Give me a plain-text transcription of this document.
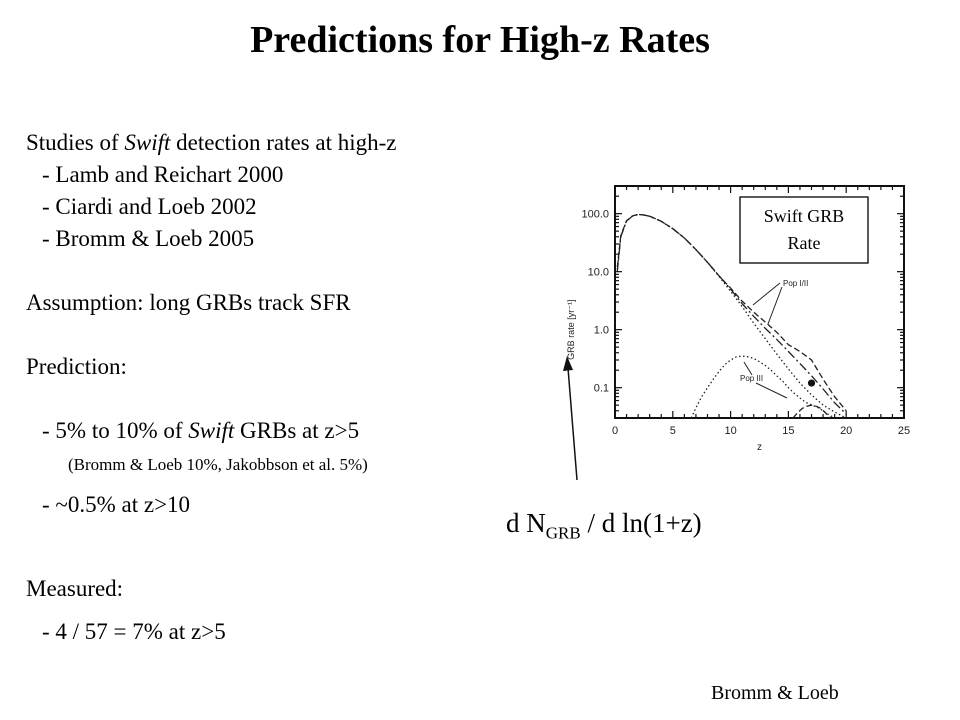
Predictions for High-z Rates
Studies of Swift detection rates at high-z
- Lamb and Reichart 2000
- Ciardi and Loeb 2002
- Bromm & Loeb 2005
Assumption: long GRBs track SFR
Prediction:
- 5% to 10% of Swift GRBs at z>5
(Bromm & Loeb 10%, Jakobbson et al. 5%)
- ~0.5% at z>10
Measured:
- 4 / 57 = 7% at z>5
d $N_{GRB}$ / d ln(1+z)
Bromm & Loeb
0	5	10	15	20	25
0.1
1.0
10.0
100.0
z
GRB rate [yr⁻¹]
Swift GRB
Rate
Pop I/II
Pop III
